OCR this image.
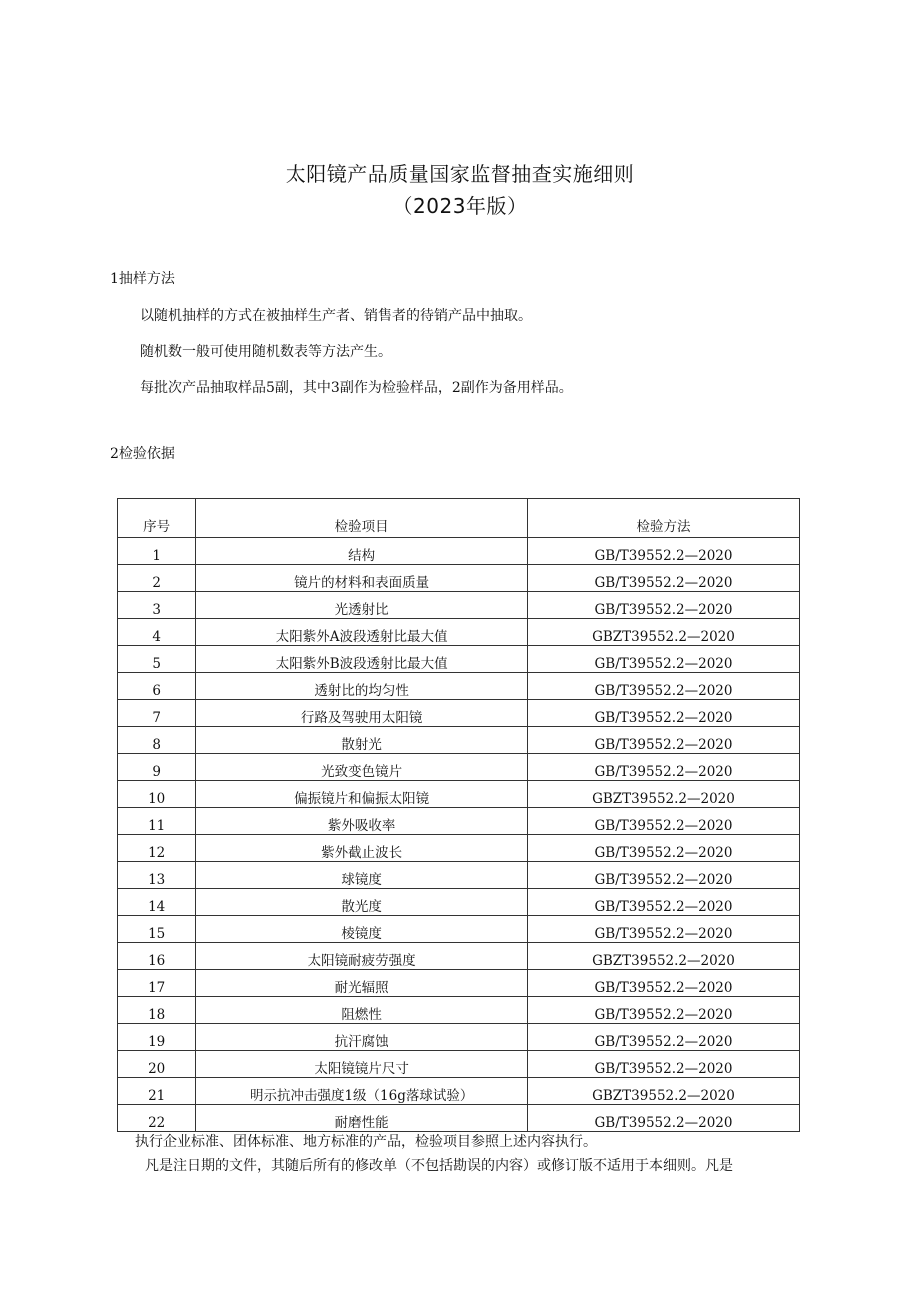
太阳镜产品质量国家监督抽查实施细则
（2023年版）
1抽样方法
以随机抽样的方式在被抽样生产者、销售者的待销产品中抽取。
随机数一般可使用随机数表等方法产生。
每批次产品抽取样品5副，其中3副作为检验样品，2副作为备用样品。
2检验依据
序号	检验项目	检验方法
1	结构	GB/T39552.2—2020
2	镜片的材料和表面质量	GB/T39552.2—2020
3	光透射比	GB/T39552.2—2020
4	太阳紫外A波段透射比最大值	GBZT39552.2—2020
5	太阳紫外B波段透射比最大值	GB/T39552.2—2020
6	透射比的均匀性	GB/T39552.2—2020
7	行路及驾驶用太阳镜	GB/T39552.2—2020
8	散射光	GB/T39552.2—2020
9	光致变色镜片	GB/T39552.2—2020
10	偏振镜片和偏振太阳镜	GBZT39552.2—2020
11	紫外吸收率	GB/T39552.2—2020
12	紫外截止波长	GB/T39552.2—2020
13	球镜度	GB/T39552.2—2020
14	散光度	GB/T39552.2—2020
15	棱镜度	GB/T39552.2—2020
16	太阳镜耐疲劳强度	GBZT39552.2—2020
17	耐光辐照	GB/T39552.2—2020
18	阻燃性	GB/T39552.2—2020
19	抗汗腐蚀	GB/T39552.2—2020
20	太阳镜镜片尺寸	GB/T39552.2—2020
21	明示抗冲击强度1级（16g落球试验）	GBZT39552.2—2020
22	耐磨性能	GB/T39552.2—2020
执行企业标准、团体标准、地方标准的产品，检验项目参照上述内容执行。
凡是注日期的文件，其随后所有的修改单（不包括勘误的内容）或修订版不适用于本细则。凡是
